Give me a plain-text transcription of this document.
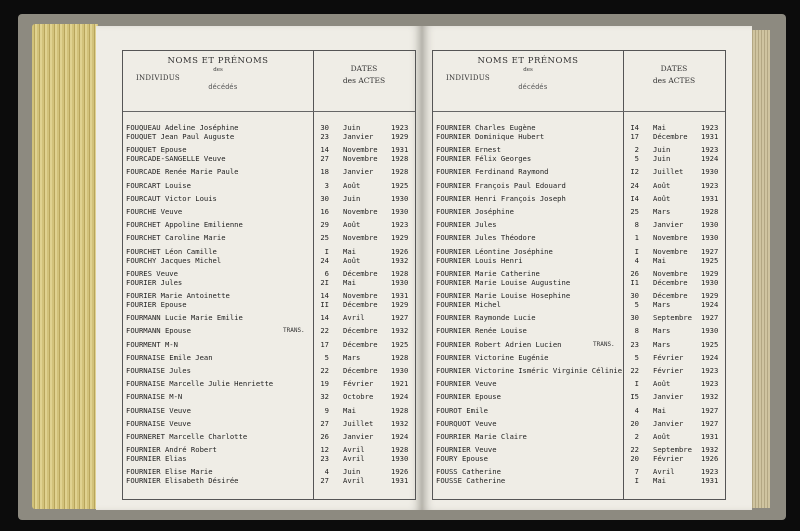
NOMS ET PRÉNOMS
des
INDIVIDUS
décédés
DATES
des ACTES
FOUQUEAU Adeline Joséphine	30 Juin	1923
FOUQUET Jean Paul Auguste	23 Janvier 1929
FOUQUET Epouse	14 Novembre 1931
FOURCADE-SANGELLE Veuve	27 Novembre 1928
FOURCADE Renée Marie Paule	18 Janvier 1928
FOURCART Louise	3 Août	1925
FOURCAUT Victor Louis	30 Juin	1930
FOURCHE Veuve	16 Novembre 1930
FOURCHET Appoline Emilienne	29 Août	1923
FOURCHET Caroline Marie	25 Novembre 1929
FOURCHET Léon Camille	I Mai	1926
FOURCHY Jacques Michel	24 Août	1932
FOURES Veuve	6 Décembre 1928
FOURIER Jules	2I Mai	1930
FOURIER Marie Antoinette	14 Novembre 1931
FOURIER Epouse	II Décembre 1929
FOURMANN Lucie Marie Emilie	14 Avril	1927
FOURMANN Epouse	22 Décembre 1932
TRANS.
FOURMENT M-N	17 Décembre 1925
FOURNAISE Emile Jean	5 Mars	1928
FOURNAISE Jules	22 Décembre 1930
FOURNAISE Marcelle Julie Henriette	19 Février 1921
FOURNAISE M-N	32 Octobre 1924
FOURNAISE Veuve	9 Mai	1928
FOURNAISE Veuve	27 Juillet 1932
FOURNERET Marcelle Charlotte	26 Janvier 1924
FOURNIER André Robert	12 Avril	1928
FOURNIER Elias	23 Avril	1930
FOURNIER Elise Marie	4 Juin	1926
FOURNIER Elisabeth Désirée	27 Avril	1931
NOMS ET PRÉNOMS
des
INDIVIDUS
décédés
DATES
des ACTES
FOURNIER Charles Eugène	I4 Mai	1923
FOURNIER Dominique Hubert	17 Décembre 1931
FOURNIER Ernest	2 Juin	1923
FOURNIER Félix Georges	5 Juin	1924
FOURNIER Ferdinand Raymond	I2 Juillet 1930
FOURNIER François Paul Edouard	24 Août	1923
FOURNIER Henri François Joseph	I4 Août	1931
FOURNIER Joséphine	25 Mars	1928
FOURNIER Jules	8 Janvier 1930
FOURNIER Jules Théodore	1 Novembre 1930
FOURNIER Léontine Joséphine	I Novembre 1927
FOURNIER Louis Henri	4 Mai	1925
FOURNIER Marie Catherine	26 Novembre 1929
FOURNIER Marie Louise Augustine	I1 Décembre 1930
FOURNIER Marie Louise Hosephine	30 Décembre 1929
FOURNIER Michel	5 Mars	1924
FOURNIER Raymonde Lucie	30 Septembre 1927
FOURNIER Renée Louise	8 Mars	1930
FOURNIER Robert Adrien Lucien	23 Mars	1925
TRANS.
FOURNIER Victorine Eugénie	5 Février 1924
FOURNIER Victorine Isméric Virginie Célinie 22 Février 1923
FOURNIER Veuve	I Août	1923
FOURNIER Epouse	I5 Janvier 1932
FOUROT Emile	4 Mai	1927
FOURQUOT Veuve	20 Janvier 1927
FOURRIER Marie Claire	2 Août	1931
FOURNIER Veuve	22 Septembre 1932
FOURY Epouse	20 Février 1926
FOUSS Catherine	7 Avril	1923
FOUSSE Catherine	I Mai	1931
